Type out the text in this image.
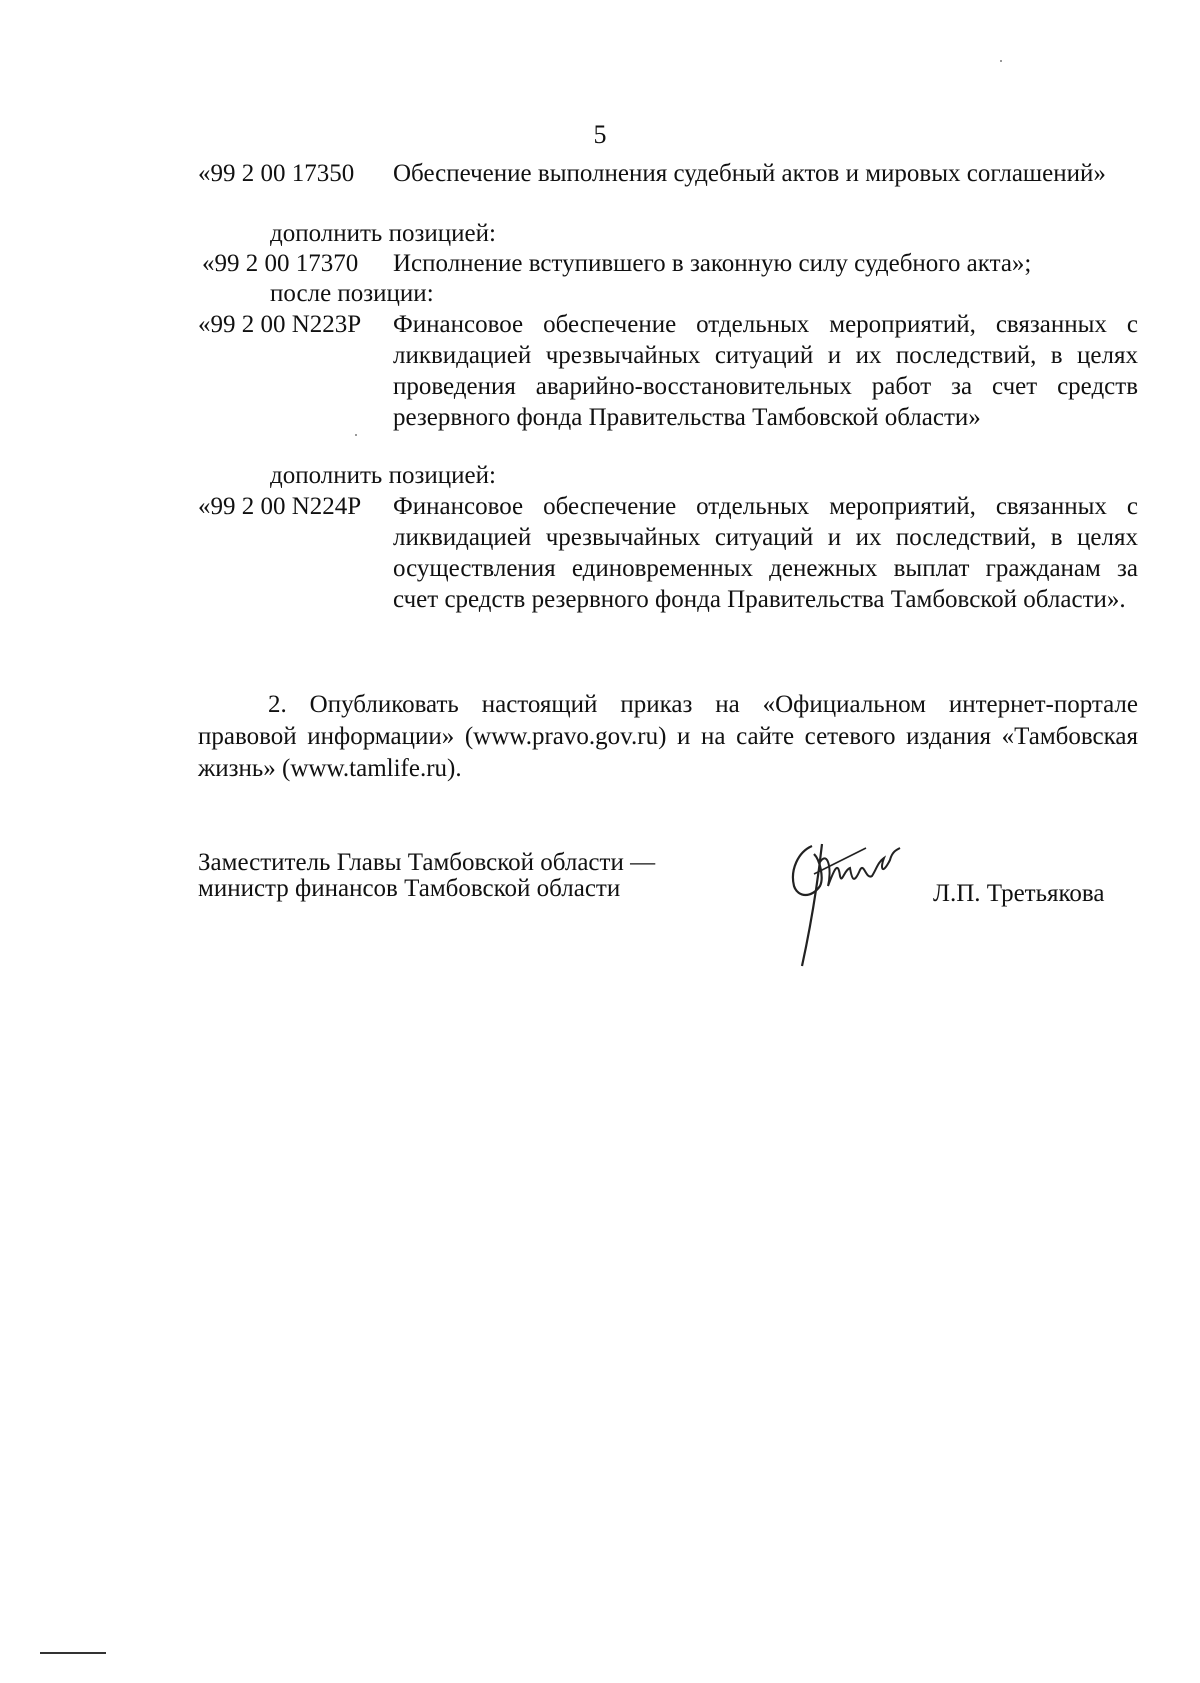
5
«99 2 00 17350 Обеспечение выполнения судебный актов и мировых соглашений»
дополнить позицией:
«99 2 00 17370 Исполнение вступившего в законную силу судебного акта»;
после позиции:
«99 2 00 N223P Финансовое обеспечение отдельных мероприятий, связанных с ликвидацией чрезвычайных ситуаций и их последствий, в целях проведения аварийно-восстановительных работ за счет средств резервного фонда Правительства Тамбовской области»
дополнить позицией:
«99 2 00 N224P Финансовое обеспечение отдельных мероприятий, связанных с ликвидацией чрезвычайных ситуаций и их последствий, в целях осуществления единовременных денежных выплат гражданам за счет средств резервного фонда Правительства Тамбовской области».
2. Опубликовать настоящий приказ на «Официальном интернет-портале правовой информации» (www.pravo.gov.ru) и на сайте сетевого издания «Тамбовская жизнь» (www.tamlife.ru).
Заместитель Главы Тамбовской области —
министр финансов Тамбовской области	Л.П. Третьякова
